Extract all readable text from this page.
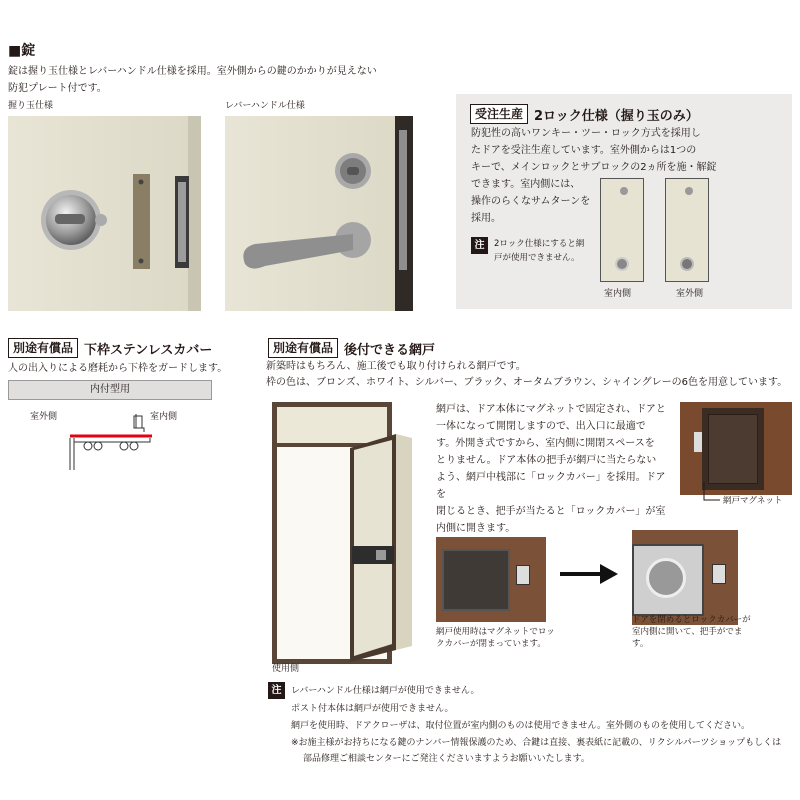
■錠
錠は握り玉仕様とレバーハンドル仕様を採用。室外側からの鍵のかかりが見えない
防犯プレート付です。
握り玉仕様	レバーハンドル仕様
受注生産 2ロック仕様（握り玉のみ）
防犯性の高いワンキー・ツー・ロック方式を採用し
たドアを受注生産しています。室外側からは1つの
キーで、メインロックとサブロックの2ヵ所を施・解錠
できます。室内側には、
操作のらくなサムターンを
採用。
注	2ロック仕様にすると網
戸が使用できません。
室内側	室外側
別途有償品 下枠ステンレスカバー
人の出入りによる磨耗から下枠をガードします。
内付型用
室外側	室内側
別途有償品 後付できる網戸
新築時はもちろん、施工後でも取り付けられる網戸です。
枠の色は、ブロンズ、ホワイト、シルバー、ブラック、オータムブラウン、シャイングレーの6色を用意しています。
使用側
網戸は、ドア本体にマグネットで固定され、ドアと
一体になって開閉しますので、出入口に最適で
す。外開き式ですから、室内側に開閉スペースを
とりません。ドア本体の把手が網戸に当たらない
よう、網戸中桟部に「ロックカバー」を採用。ドアを
閉じるとき、把手が当たると「ロックカバー」が室
内側に開きます。
網戸マグネット
網戸使用時はマグネットでロッ
クカバーが閉まっています。
ドアを閉めるとロックカバーが
室内側に開いて、把手がでま
す。
注	レバーハンドル仕様は網戸が使用できません。
ポスト付本体は網戸が使用できません。
網戸を使用時、ドアクローザは、取付位置が室内側のものは使用できません。室外側のものを使用してください。
※お施主様がお持ちになる鍵のナンバー情報保護のため、合鍵は直接、裏表紙に記載の、リクシルパーツショップもしくは
部品修理ご相談センターにご発注くださいますようお願いいたします。
